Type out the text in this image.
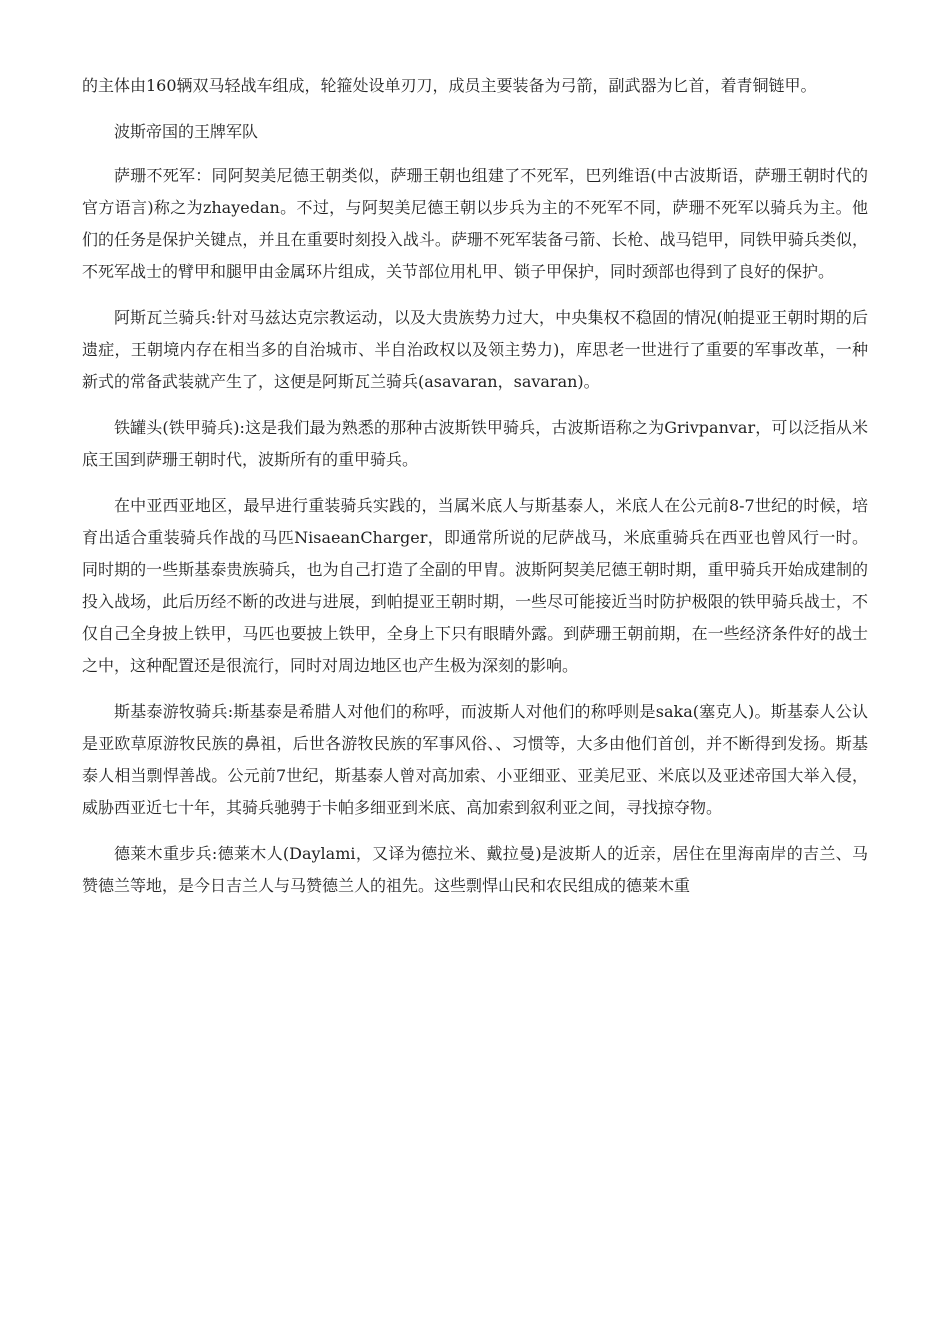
的主体由160辆双马轻战车组成，轮箍处设单刃刀，成员主要装备为弓箭，副武器为匕首，着青铜链甲。

波斯帝国的王牌军队

萨珊不死军：同阿契美尼德王朝类似，萨珊王朝也组建了不死军，巴列维语(中古波斯语，萨珊王朝时代的官方语言)称之为zhayedan。不过，与阿契美尼德王朝以步兵为主的不死军不同，萨珊不死军以骑兵为主。他们的任务是保护关键点，并且在重要时刻投入战斗。萨珊不死军装备弓箭、长枪、战马铠甲，同铁甲骑兵类似，不死军战士的臂甲和腿甲由金属环片组成，关节部位用札甲、锁子甲保护，同时颈部也得到了良好的保护。

阿斯瓦兰骑兵:针对马兹达克宗教运动，以及大贵族势力过大，中央集权不稳固的情况(帕提亚王朝时期的后遗症，王朝境内存在相当多的自治城市、半自治政权以及领主势力)，库思老一世进行了重要的军事改革，一种新式的常备武装就产生了，这便是阿斯瓦兰骑兵(asavaran，savaran)。

铁罐头(铁甲骑兵):这是我们最为熟悉的那种古波斯铁甲骑兵，古波斯语称之为Grivpanvar，可以泛指从米底王国到萨珊王朝时代，波斯所有的重甲骑兵。

在中亚西亚地区，最早进行重装骑兵实践的，当属米底人与斯基泰人，米底人在公元前8-7世纪的时候，培育出适合重装骑兵作战的马匹NisaeanCharger，即通常所说的尼萨战马，米底重骑兵在西亚也曾风行一时。同时期的一些斯基泰贵族骑兵，也为自己打造了全副的甲胄。波斯阿契美尼德王朝时期，重甲骑兵开始成建制的投入战场，此后历经不断的改进与进展，到帕提亚王朝时期，一些尽可能接近当时防护极限的铁甲骑兵战士，不仅自己全身披上铁甲，马匹也要披上铁甲，全身上下只有眼睛外露。到萨珊王朝前期，在一些经济条件好的战士之中，这种配置还是很流行，同时对周边地区也产生极为深刻的影响。

斯基泰游牧骑兵:斯基泰是希腊人对他们的称呼，而波斯人对他们的称呼则是saka(塞克人)。斯基泰人公认是亚欧草原游牧民族的鼻祖，后世各游牧民族的军事风俗、、习惯等，大多由他们首创，并不断得到发扬。斯基泰人相当剽悍善战。公元前7世纪，斯基泰人曾对高加索、小亚细亚、亚美尼亚、米底以及亚述帝国大举入侵，威胁西亚近七十年，其骑兵驰骋于卡帕多细亚到米底、高加索到叙利亚之间，寻找掠夺物。

德莱木重步兵:德莱木人(Daylami，又译为德拉米、戴拉曼)是波斯人的近亲，居住在里海南岸的吉兰、马赞德兰等地，是今日吉兰人与马赞德兰人的祖先。这些剽悍山民和农民组成的德莱木重
